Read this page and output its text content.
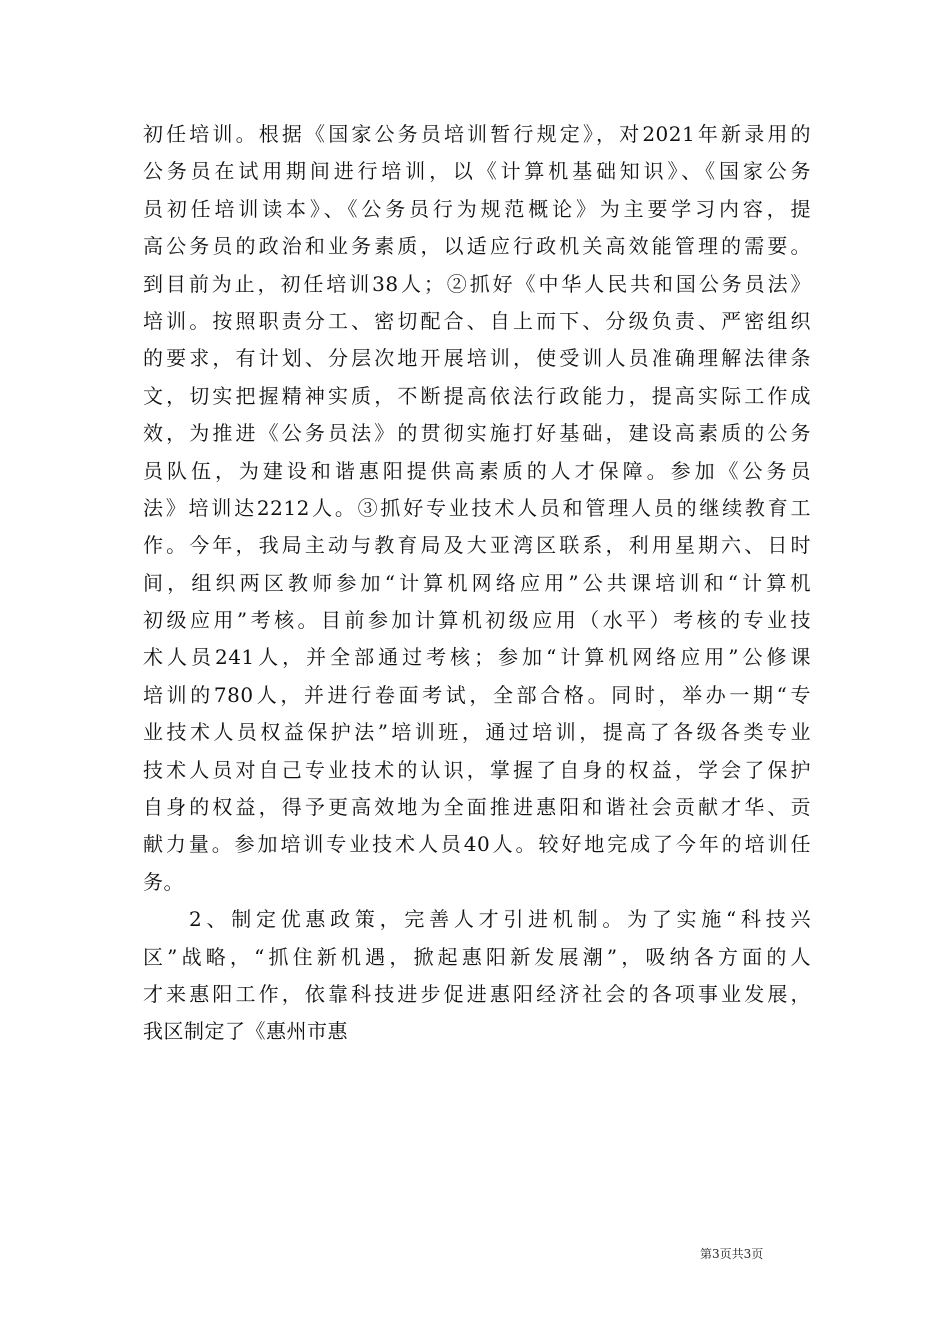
初任培训。根据《国家公务员培训暂行规定》，对2021年新录用的
公务员在试用期间进行培训，以《计算机基础知识》、《国家公务
员初任培训读本》、《公务员行为规范概论》为主要学习内容，提
高公务员的政治和业务素质，以适应行政机关高效能管理的需要。
到目前为止，初任培训38人；②抓好《中华人民共和国公务员法》
培训。按照职责分工、密切配合、自上而下、分级负责、严密组织
的要求，有计划、分层次地开展培训，使受训人员准确理解法律条
文，切实把握精神实质，不断提高依法行政能力，提高实际工作成
效，为推进《公务员法》的贯彻实施打好基础，建设高素质的公务
员队伍，为建设和谐惠阳提供高素质的人才保障。参加《公务员
法》培训达2212人。③抓好专业技术人员和管理人员的继续教育工
作。今年，我局主动与教育局及大亚湾区联系，利用星期六、日时
间，组织两区教师参加“计算机网络应用”公共课培训和“计算机
初级应用”考核。目前参加计算机初级应用（水平）考核的专业技
术人员241人，并全部通过考核；参加“计算机网络应用”公修课
培训的780人，并进行卷面考试，全部合格。同时，举办一期“专
业技术人员权益保护法”培训班，通过培训，提高了各级各类专业
技术人员对自己专业技术的认识，掌握了自身的权益，学会了保护
自身的权益，得予更高效地为全面推进惠阳和谐社会贡献才华、贡
献力量。参加培训专业技术人员40人。较好地完成了今年的培训任
务。
2、制定优惠政策，完善人才引进机制。为了实施“科技兴
区”战略，“抓住新机遇，掀起惠阳新发展潮”，吸纳各方面的人
才来惠阳工作，依靠科技进步促进惠阳经济社会的各项事业发展，
我区制定了《惠州市惠
第3页共3页
